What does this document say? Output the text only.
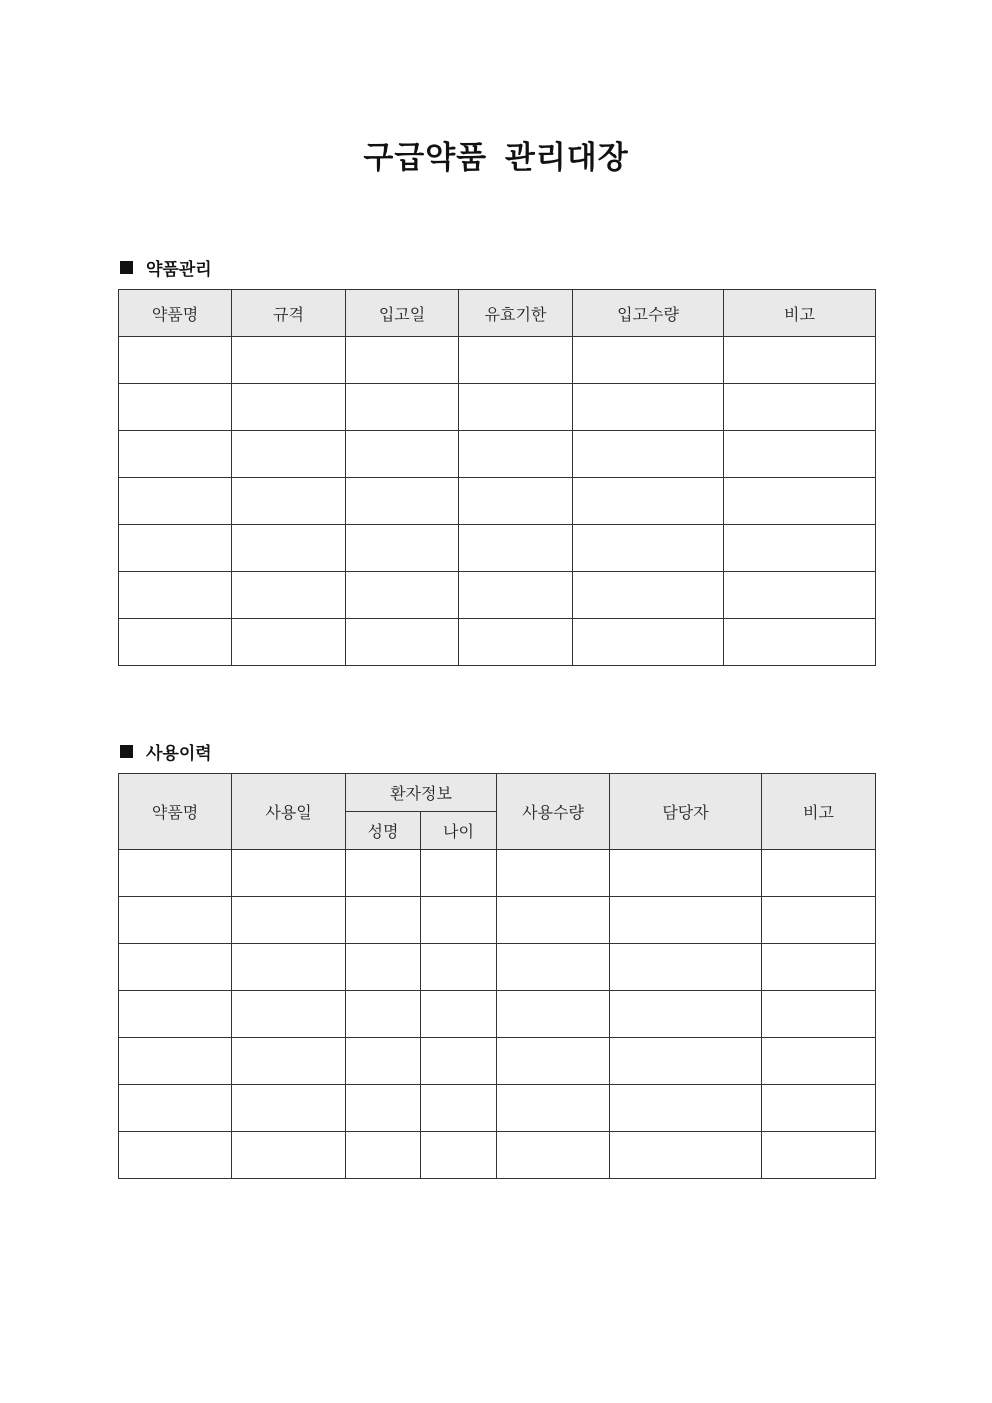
구급약품 관리대장
약품관리
약품명	규격	입고일	유효기한	입고수량	비고

사용이력
약품명	사용일	환자정보		사용수량	담당자	비고
		성명	나이			
